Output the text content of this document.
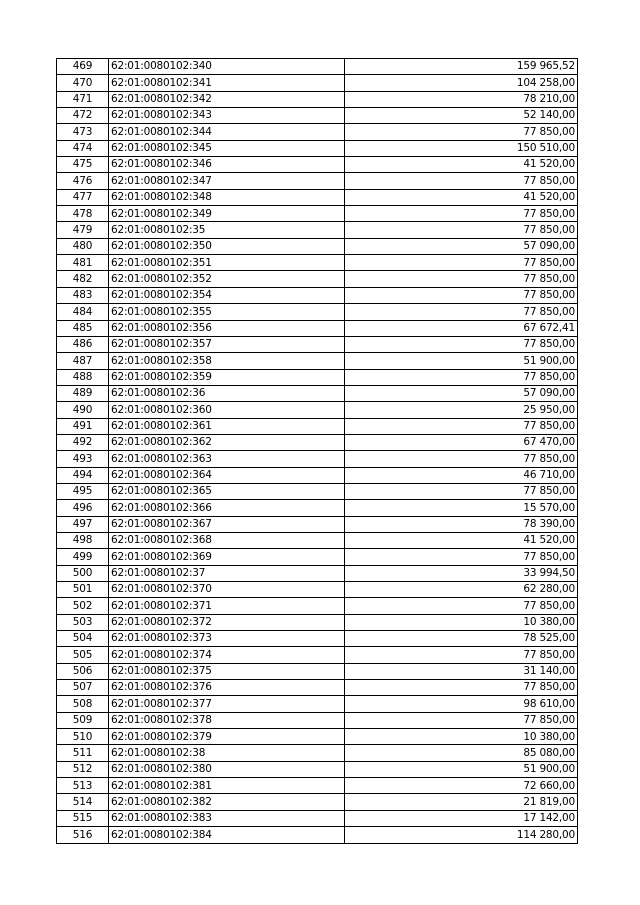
469	62:01:0080102:340	159 965,52
470	62:01:0080102:341	104 258,00
471	62:01:0080102:342	78 210,00
472	62:01:0080102:343	52 140,00
473	62:01:0080102:344	77 850,00
474	62:01:0080102:345	150 510,00
475	62:01:0080102:346	41 520,00
476	62:01:0080102:347	77 850,00
477	62:01:0080102:348	41 520,00
478	62:01:0080102:349	77 850,00
479	62:01:0080102:35	77 850,00
480	62:01:0080102:350	57 090,00
481	62:01:0080102:351	77 850,00
482	62:01:0080102:352	77 850,00
483	62:01:0080102:354	77 850,00
484	62:01:0080102:355	77 850,00
485	62:01:0080102:356	67 672,41
486	62:01:0080102:357	77 850,00
487	62:01:0080102:358	51 900,00
488	62:01:0080102:359	77 850,00
489	62:01:0080102:36	57 090,00
490	62:01:0080102:360	25 950,00
491	62:01:0080102:361	77 850,00
492	62:01:0080102:362	67 470,00
493	62:01:0080102:363	77 850,00
494	62:01:0080102:364	46 710,00
495	62:01:0080102:365	77 850,00
496	62:01:0080102:366	15 570,00
497	62:01:0080102:367	78 390,00
498	62:01:0080102:368	41 520,00
499	62:01:0080102:369	77 850,00
500	62:01:0080102:37	33 994,50
501	62:01:0080102:370	62 280,00
502	62:01:0080102:371	77 850,00
503	62:01:0080102:372	10 380,00
504	62:01:0080102:373	78 525,00
505	62:01:0080102:374	77 850,00
506	62:01:0080102:375	31 140,00
507	62:01:0080102:376	77 850,00
508	62:01:0080102:377	98 610,00
509	62:01:0080102:378	77 850,00
510	62:01:0080102:379	10 380,00
511	62:01:0080102:38	85 080,00
512	62:01:0080102:380	51 900,00
513	62:01:0080102:381	72 660,00
514	62:01:0080102:382	21 819,00
515	62:01:0080102:383	17 142,00
516	62:01:0080102:384	114 280,00
